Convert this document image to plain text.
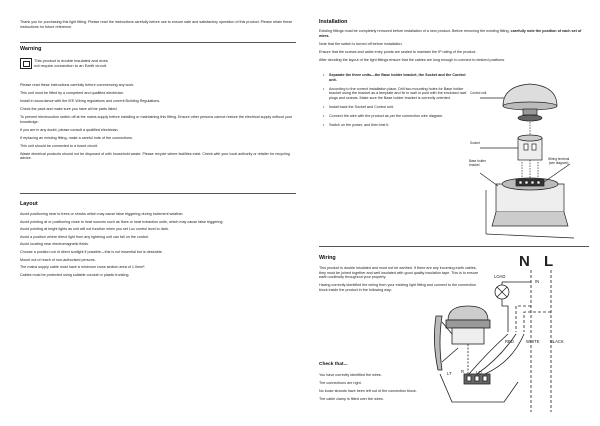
Thank you for purchasing this light fitting. Please read the instructions carefully before use to ensure safe and satisfactory operation of this product. Please retain these instructions for future reference.
Warning
This product is double insulated and does
not require connection to an Earth circuit.

Please read these instructions carefully before commencing any work.

This unit must be fitted by a competent and qualified electrician.

Install in accordance with the IEE Wiring regulations and current Building Regulations.

Check the pack and make sure you have all the parts listed.

To prevent electrocution switch off at the mains supply before installing or maintaining this fitting. Ensure other persons cannot restore the electrical supply without your knowledge.

If you are in any doubt, please consult a qualified electrician.

If replacing an existing fitting, make a careful note of the connections.

This unit should be connected to a fused circuit.

Waste electrical products should not be disposed of with household waste. Please recycle where facilities exist. Check with your local authority or retailer for recycling advice.

Layout

Avoid positioning near to trees or shrubs which may cause false triggering during inclement weather.

Avoid pointing at or positioning close to heat sources such as flues or heat extraction units, which may cause false triggering.

Avoid pointing at bright lights as unit will not function when you set Lux control level to dark.

Avoid a position where direct light from any lightning unit can fall on the control.

Avoid locating near electromagnetic fields.

Choose a position out of direct sunlight if possible—this is not essential but is desirable.

Mount out of reach of non-authorised persons.

The mains supply cable must have a minimum cross section area of 1.0mm².

Cables must be protected using suitable conduit or plastic trunking.

Installation

Existing fittings must be completely removed before installation of a new product. Before removing the existing fitting, carefully note the position of each set of wires.

Note that the switch is turned off before installation.

Ensure that the screws and cable entry points are sealed to maintain the IP rating of the product.

After deciding the layout of the light fittings ensure that the cables are long enough to connect to desired positions.

•	Separate the three units—the Base holder bracket, the Socket and the Control unit.
•	According to the correct installation place, Drill two mounting holes for Base holder bracket using the bracket as a template and fix to wall or post with the enclosed rawl plugs and screws. Make sure the Base holder bracket is correctly oriented.
•	Install back the Socket and Control unit.
•	Connect the wire with the product as per the connection wire diagram.
•	Switch on the power, and then test it.
Control unit
Socket
Base holder
bracket
Wiring terminal
(see diagram)
Wiring

This product is double insulated and must not be earthed. If there are any incoming earth cables, they must be joined together and well insulated with good quality insulation tape. This is to ensure earth continuity throughout your property.

Having correctly identified the wiring from your existing light fitting and connect to the connection block inside the product in the following way:

N L
LOAD
IN
RED	WHITE	BLACK
LT R	LO
Check that...

You have correctly identified the wires.

The connections are right.

No loose strands have been left out of the connection block.

The cable clamp is fitted over the wires.
